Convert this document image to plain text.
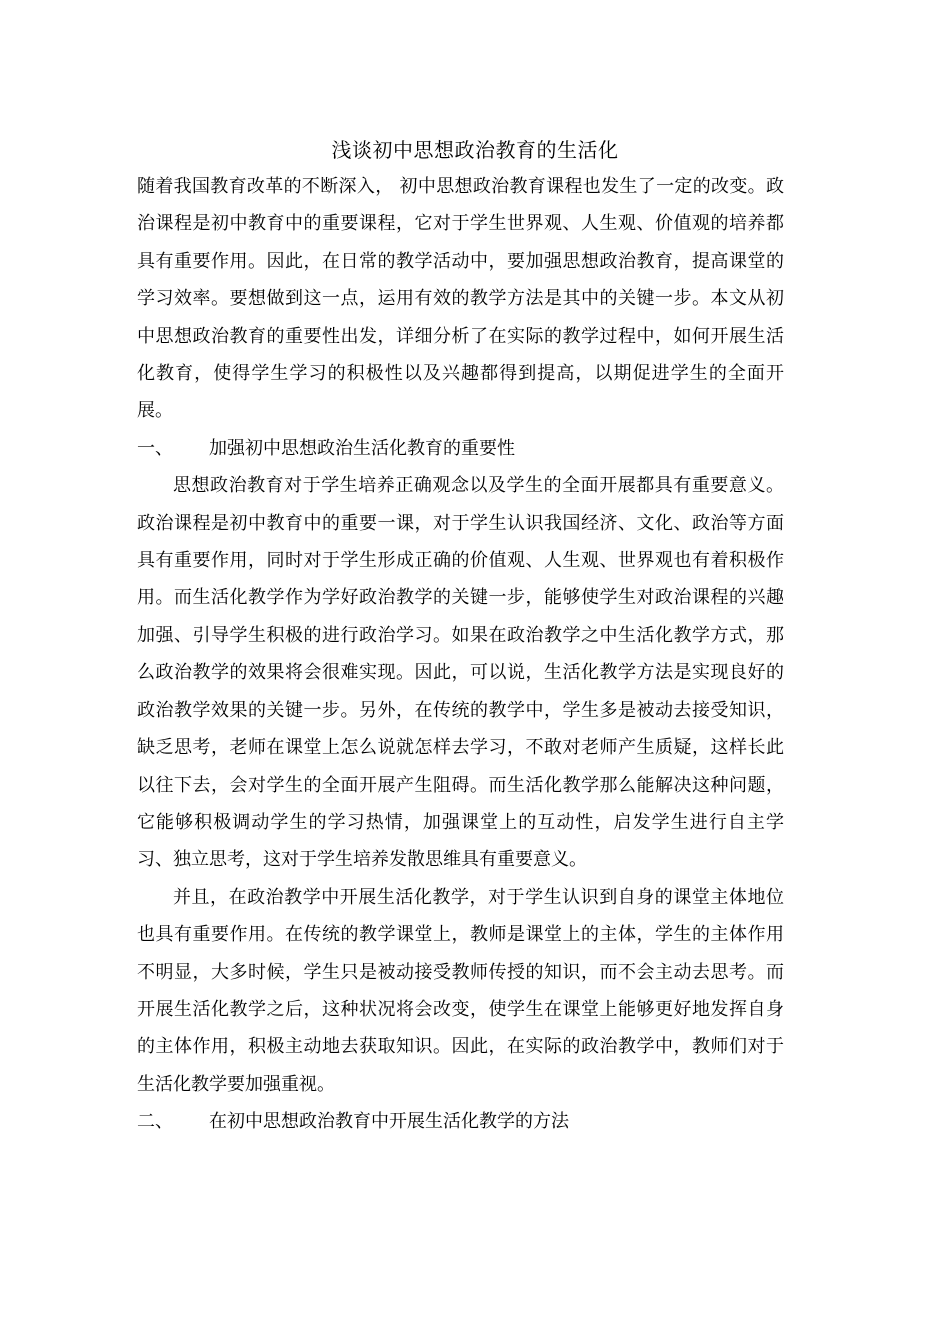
浅谈初中思想政治教育的生活化

随着我国教育改革的不断深入， 初中思想政治教育课程也发生了一定的改变。政治课程是初中教育中的重要课程，它对于学生世界观、人生观、价值观的培养都具有重要作用。因此，在日常的教学活动中，要加强思想政治教育，提高课堂的学习效率。要想做到这一点，运用有效的教学方法是其中的关键一步。本文从初中思想政治教育的重要性出发，详细分析了在实际的教学过程中，如何开展生活化教育，使得学生学习的积极性以及兴趣都得到提高，以期促进学生的全面开展。

一、	加强初中思想政治生活化教育的重要性

思想政治教育对于学生培养正确观念以及学生的全面开展都具有重要意义。政治课程是初中教育中的重要一课，对于学生认识我国经济、文化、政治等方面具有重要作用，同时对于学生形成正确的价值观、人生观、世界观也有着积极作用。而生活化教学作为学好政治教学的关键一步，能够使学生对政治课程的兴趣加强、引导学生积极的进行政治学习。如果在政治教学之中生活化教学方式，那么政治教学的效果将会很难实现。因此，可以说，生活化教学方法是实现良好的政治教学效果的关键一步。另外，在传统的教学中，学生多是被动去接受知识，缺乏思考，老师在课堂上怎么说就怎样去学习，不敢对老师产生质疑，这样长此以往下去，会对学生的全面开展产生阻碍。而生活化教学那么能解决这种问题，它能够积极调动学生的学习热情，加强课堂上的互动性，启发学生进行自主学习、独立思考，这对于学生培养发散思维具有重要意义。

并且，在政治教学中开展生活化教学，对于学生认识到自身的课堂主体地位也具有重要作用。在传统的教学课堂上，教师是课堂上的主体，学生的主体作用不明显，大多时候，学生只是被动接受教师传授的知识，而不会主动去思考。而开展生活化教学之后，这种状况将会改变，使学生在课堂上能够更好地发挥自身的主体作用，积极主动地去获取知识。因此，在实际的政治教学中，教师们对于生活化教学要加强重视。

二、	在初中思想政治教育中开展生活化教学的方法
